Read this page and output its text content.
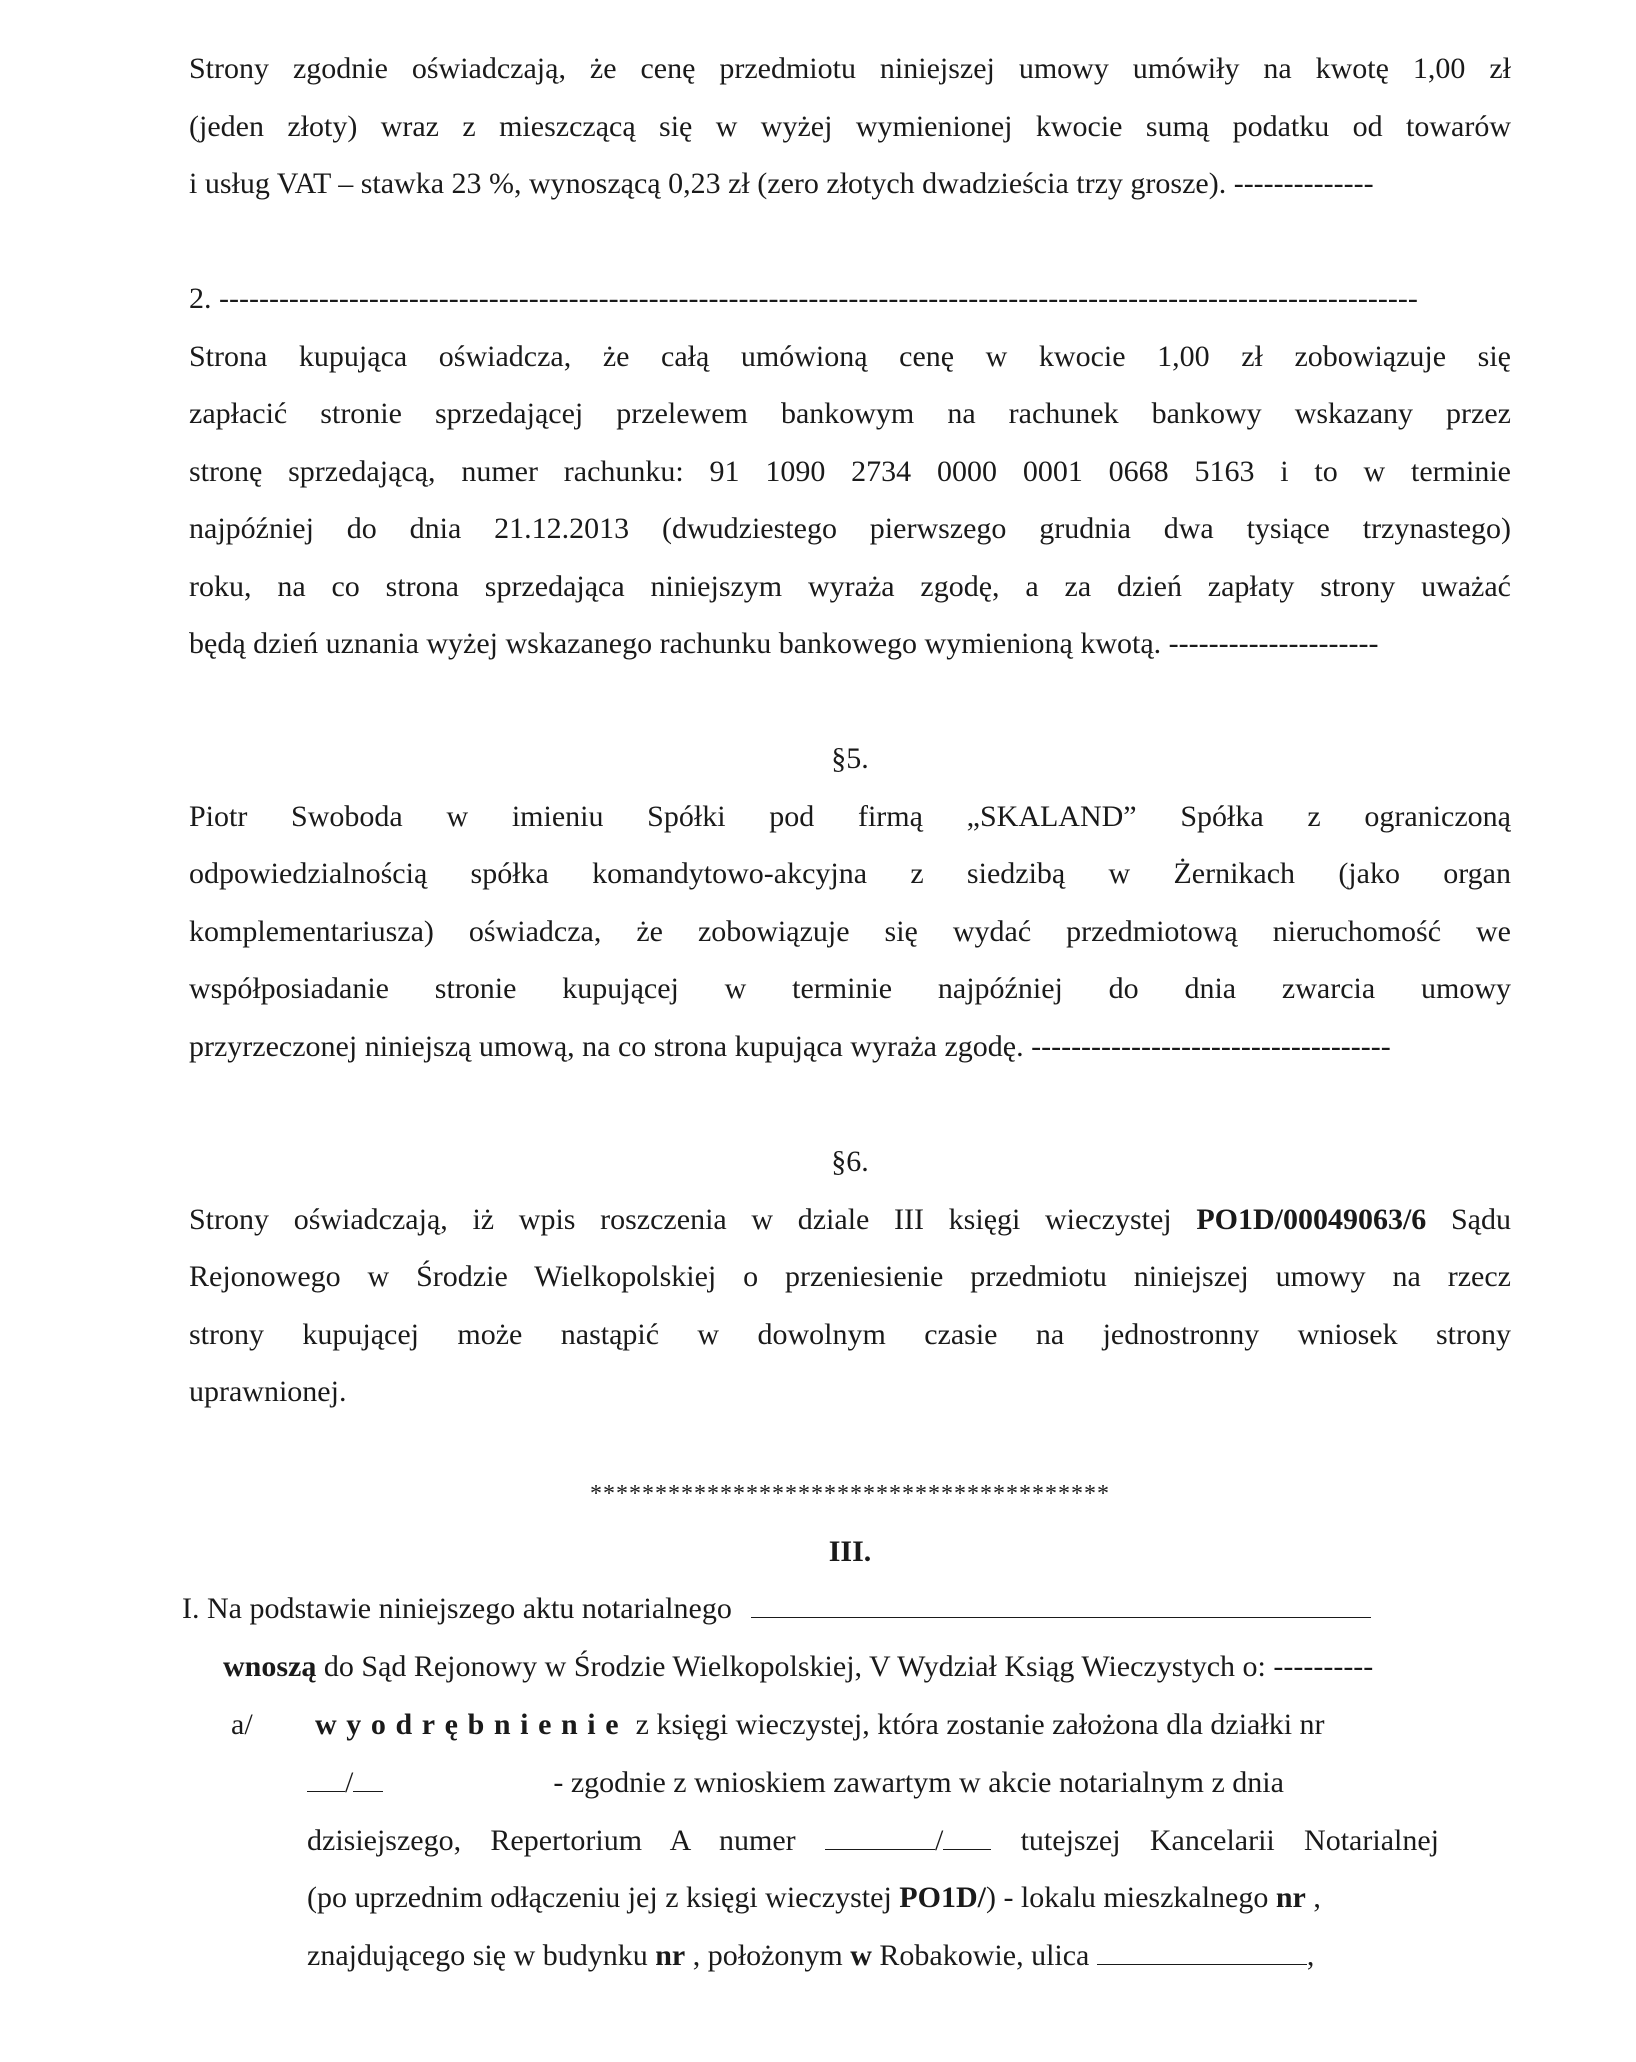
Strony zgodnie oświadczają, że cenę przedmiotu niniejszej umowy umówiły na kwotę 1,00 zł
(jeden złoty) wraz z mieszczącą się w wyżej wymienionej kwocie sumą podatku od towarów
i usług VAT – stawka 23 %, wynoszącą 0,23 zł (zero złotych dwadzieścia trzy grosze). --------------
2. ------------------------------------------------------------------------------------------------------------------------
Strona kupująca oświadcza, że całą umówioną cenę w kwocie 1,00 zł zobowiązuje się
zapłacić stronie sprzedającej przelewem bankowym na rachunek bankowy wskazany przez
stronę sprzedającą, numer rachunku: 91 1090 2734 0000 0001 0668 5163 i to w terminie
najpóźniej do dnia 21.12.2013 (dwudziestego pierwszego grudnia dwa tysiące trzynastego)
roku, na co strona sprzedająca niniejszym wyraża zgodę, a za dzień zapłaty strony uważać
będą dzień uznania wyżej wskazanego rachunku bankowego wymienioną kwotą. ---------------------
§5.
Piotr Swoboda w imieniu Spółki pod firmą „SKALAND” Spółka z ograniczoną
odpowiedzialnością spółka komandytowo-akcyjna z siedzibą w Żernikach (jako organ
komplementariusza) oświadcza, że zobowiązuje się wydać przedmiotową nieruchomość we
współposiadanie stronie kupującej w terminie najpóźniej do dnia zwarcia umowy
przyrzeczonej niniejszą umową, na co strona kupująca wyraża zgodę. ------------------------------------
§6.
Strony oświadczają, iż wpis roszczenia w dziale III księgi wieczystej PO1D/00049063/6 Sądu
Rejonowego w Środzie Wielkopolskiej o przeniesienie przedmiotu niniejszej umowy na rzecz
strony kupującej może nastąpić w dowolnym czasie na jednostronny wniosek strony
uprawnionej.
****************************************
III.
I. Na podstawie niniejszego aktu notarialnego
wnoszą do Sąd Rejonowy w Środzie Wielkopolskiej, V Wydział Ksiąg Wieczystych o: ----------
a/ wyodrębnienie z księgi wieczystej, która zostanie założona dla działki nr
/	- zgodnie z wnioskiem zawartym w akcie notarialnym z dnia
dzisiejszego, Repertorium A numer	/ tutejszej Kancelarii Notarialnej
(po uprzednim odłączeniu jej z księgi wieczystej PO1D/) - lokalu mieszkalnego nr ,
znajdującego się w budynku nr , położonym w Robakowie, ulica	,
